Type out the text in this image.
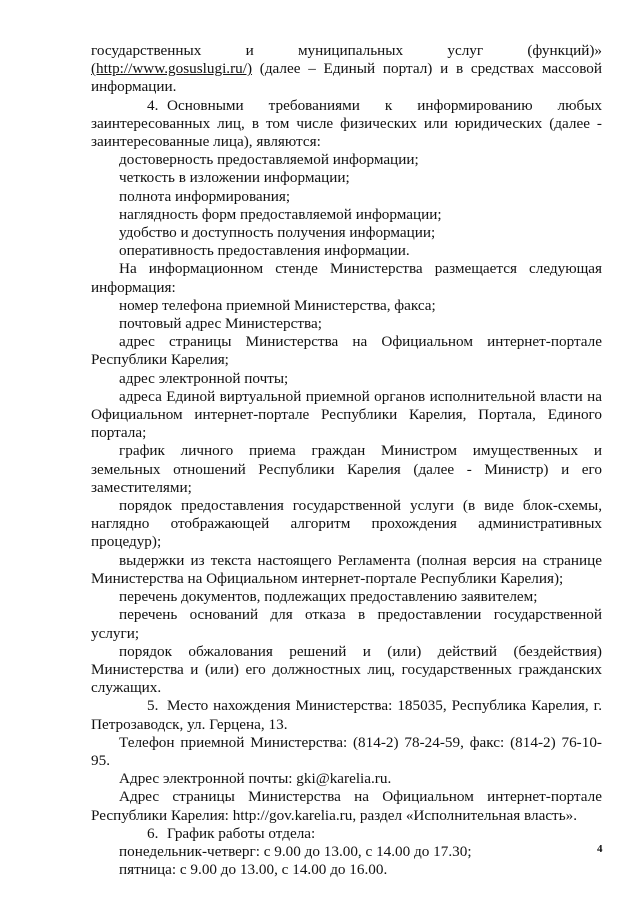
государственных и муниципальных услуг (функций)»

(http://www.gosuslugi.ru/) (далее – Единый портал) и в средствах массовой информации.

4. Основными требованиями к информированию любых

заинтересованных лиц, в том числе физических или юридических (далее - заинтересованные лица), являются:

достоверность предоставляемой информации;

четкость в изложении информации;

полнота информирования;

наглядность форм предоставляемой информации;

удобство и доступность получения информации;

оперативность предоставления информации.

На информационном стенде Министерства размещается следующая информация:

номер телефона приемной Министерства, факса;

почтовый адрес Министерства;

адрес страницы Министерства на Официальном интернет-портале Республики Карелия;

адрес электронной почты;

адреса Единой виртуальной приемной органов исполнительной власти на Официальном интернет-портале Республики Карелия, Портала, Единого портала;

график личного приема граждан Министром имущественных и земельных отношений Республики Карелия (далее - Министр) и его заместителями;

порядок предоставления государственной услуги (в виде блок-схемы, наглядно отображающей алгоритм прохождения административных процедур);

выдержки из текста настоящего Регламента (полная версия на странице Министерства на Официальном интернет-портале Республики Карелия);

перечень документов, подлежащих предоставлению заявителем;

перечень оснований для отказа в предоставлении государственной услуги;

порядок обжалования решений и (или) действий (бездействия) Министерства и (или) его должностных лиц, государственных гражданских служащих.

5. Место нахождения Министерства: 185035, Республика Карелия, г. Петрозаводск, ул. Герцена, 13.

Телефон приемной Министерства: (814-2) 78-24-59, факс: (814-2) 76-10-95.

Адрес электронной почты: gki@karelia.ru.

Адрес страницы Министерства на Официальном интернет-портале Республики Карелия: http://gov.karelia.ru, раздел «Исполнительная власть».

6. График работы отдела:

понедельник-четверг: с 9.00 до 13.00, с 14.00 до 17.30;

пятница: с 9.00 до 13.00, с 14.00 до 16.00.

4
